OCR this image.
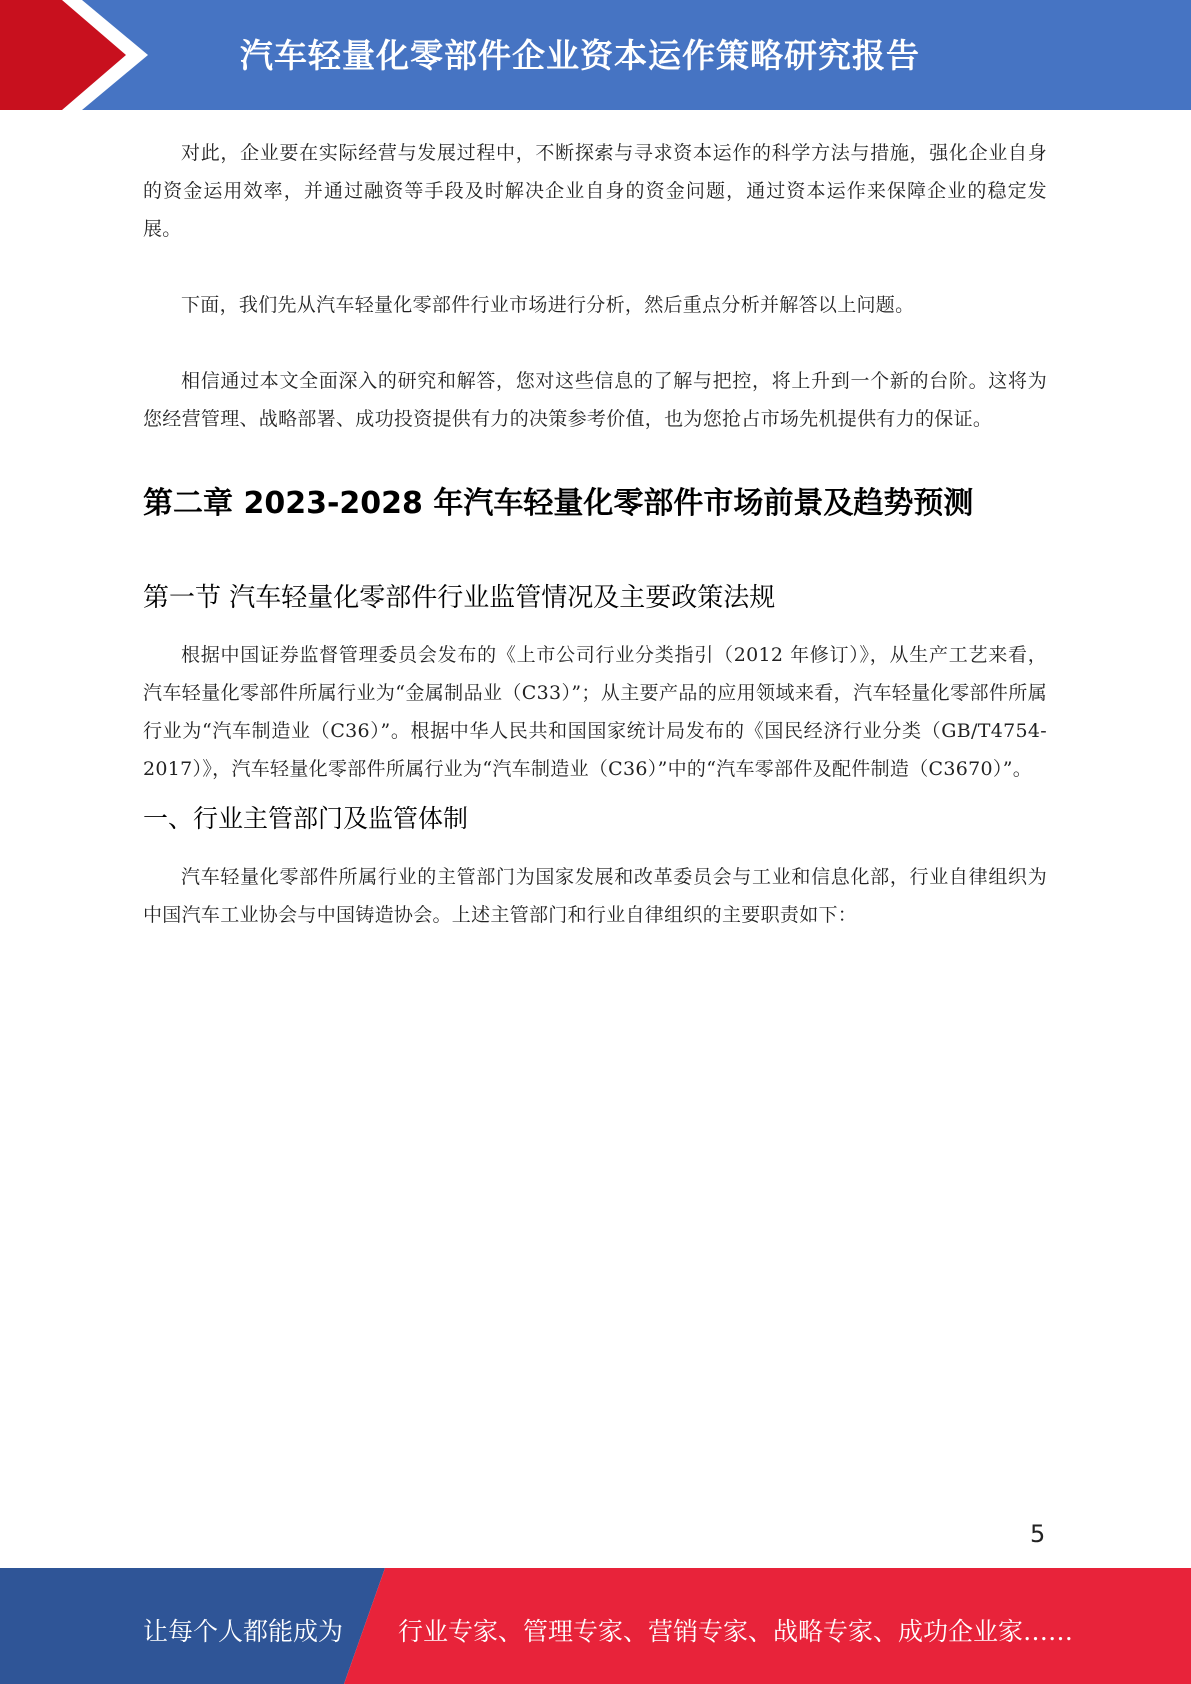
汽车轻量化零部件企业资本运作策略研究报告

对此，企业要在实际经营与发展过程中，不断探索与寻求资本运作的科学方法与措施，强化企业自身的资金运用效率，并通过融资等手段及时解决企业自身的资金问题，通过资本运作来保障企业的稳定发展。

下面，我们先从汽车轻量化零部件行业市场进行分析，然后重点分析并解答以上问题。

相信通过本文全面深入的研究和解答，您对这些信息的了解与把控，将上升到一个新的台阶。这将为您经营管理、战略部署、成功投资提供有力的决策参考价值，也为您抢占市场先机提供有力的保证。

第二章 2023-2028 年汽车轻量化零部件市场前景及趋势预测
第一节 汽车轻量化零部件行业监管情况及主要政策法规

根据中国证券监督管理委员会发布的《上市公司行业分类指引（2012 年修订）》，从生产工艺来看，汽车轻量化零部件所属行业为“金属制品业（C33）”；从主要产品的应用领域来看，汽车轻量化零部件所属行业为“汽车制造业（C36）”。根据中华人民共和国国家统计局发布的《国民经济行业分类（GB/T4754-2017）》，汽车轻量化零部件所属行业为“汽车制造业（C36）”中的“汽车零部件及配件制造（C3670）”。

一、行业主管部门及监管体制

汽车轻量化零部件所属行业的主管部门为国家发展和改革委员会与工业和信息化部，行业自律组织为中国汽车工业协会与中国铸造协会。上述主管部门和行业自律组织的主要职责如下：

5
让每个人都能成为 行业专家、管理专家、营销专家、战略专家、成功企业家……
